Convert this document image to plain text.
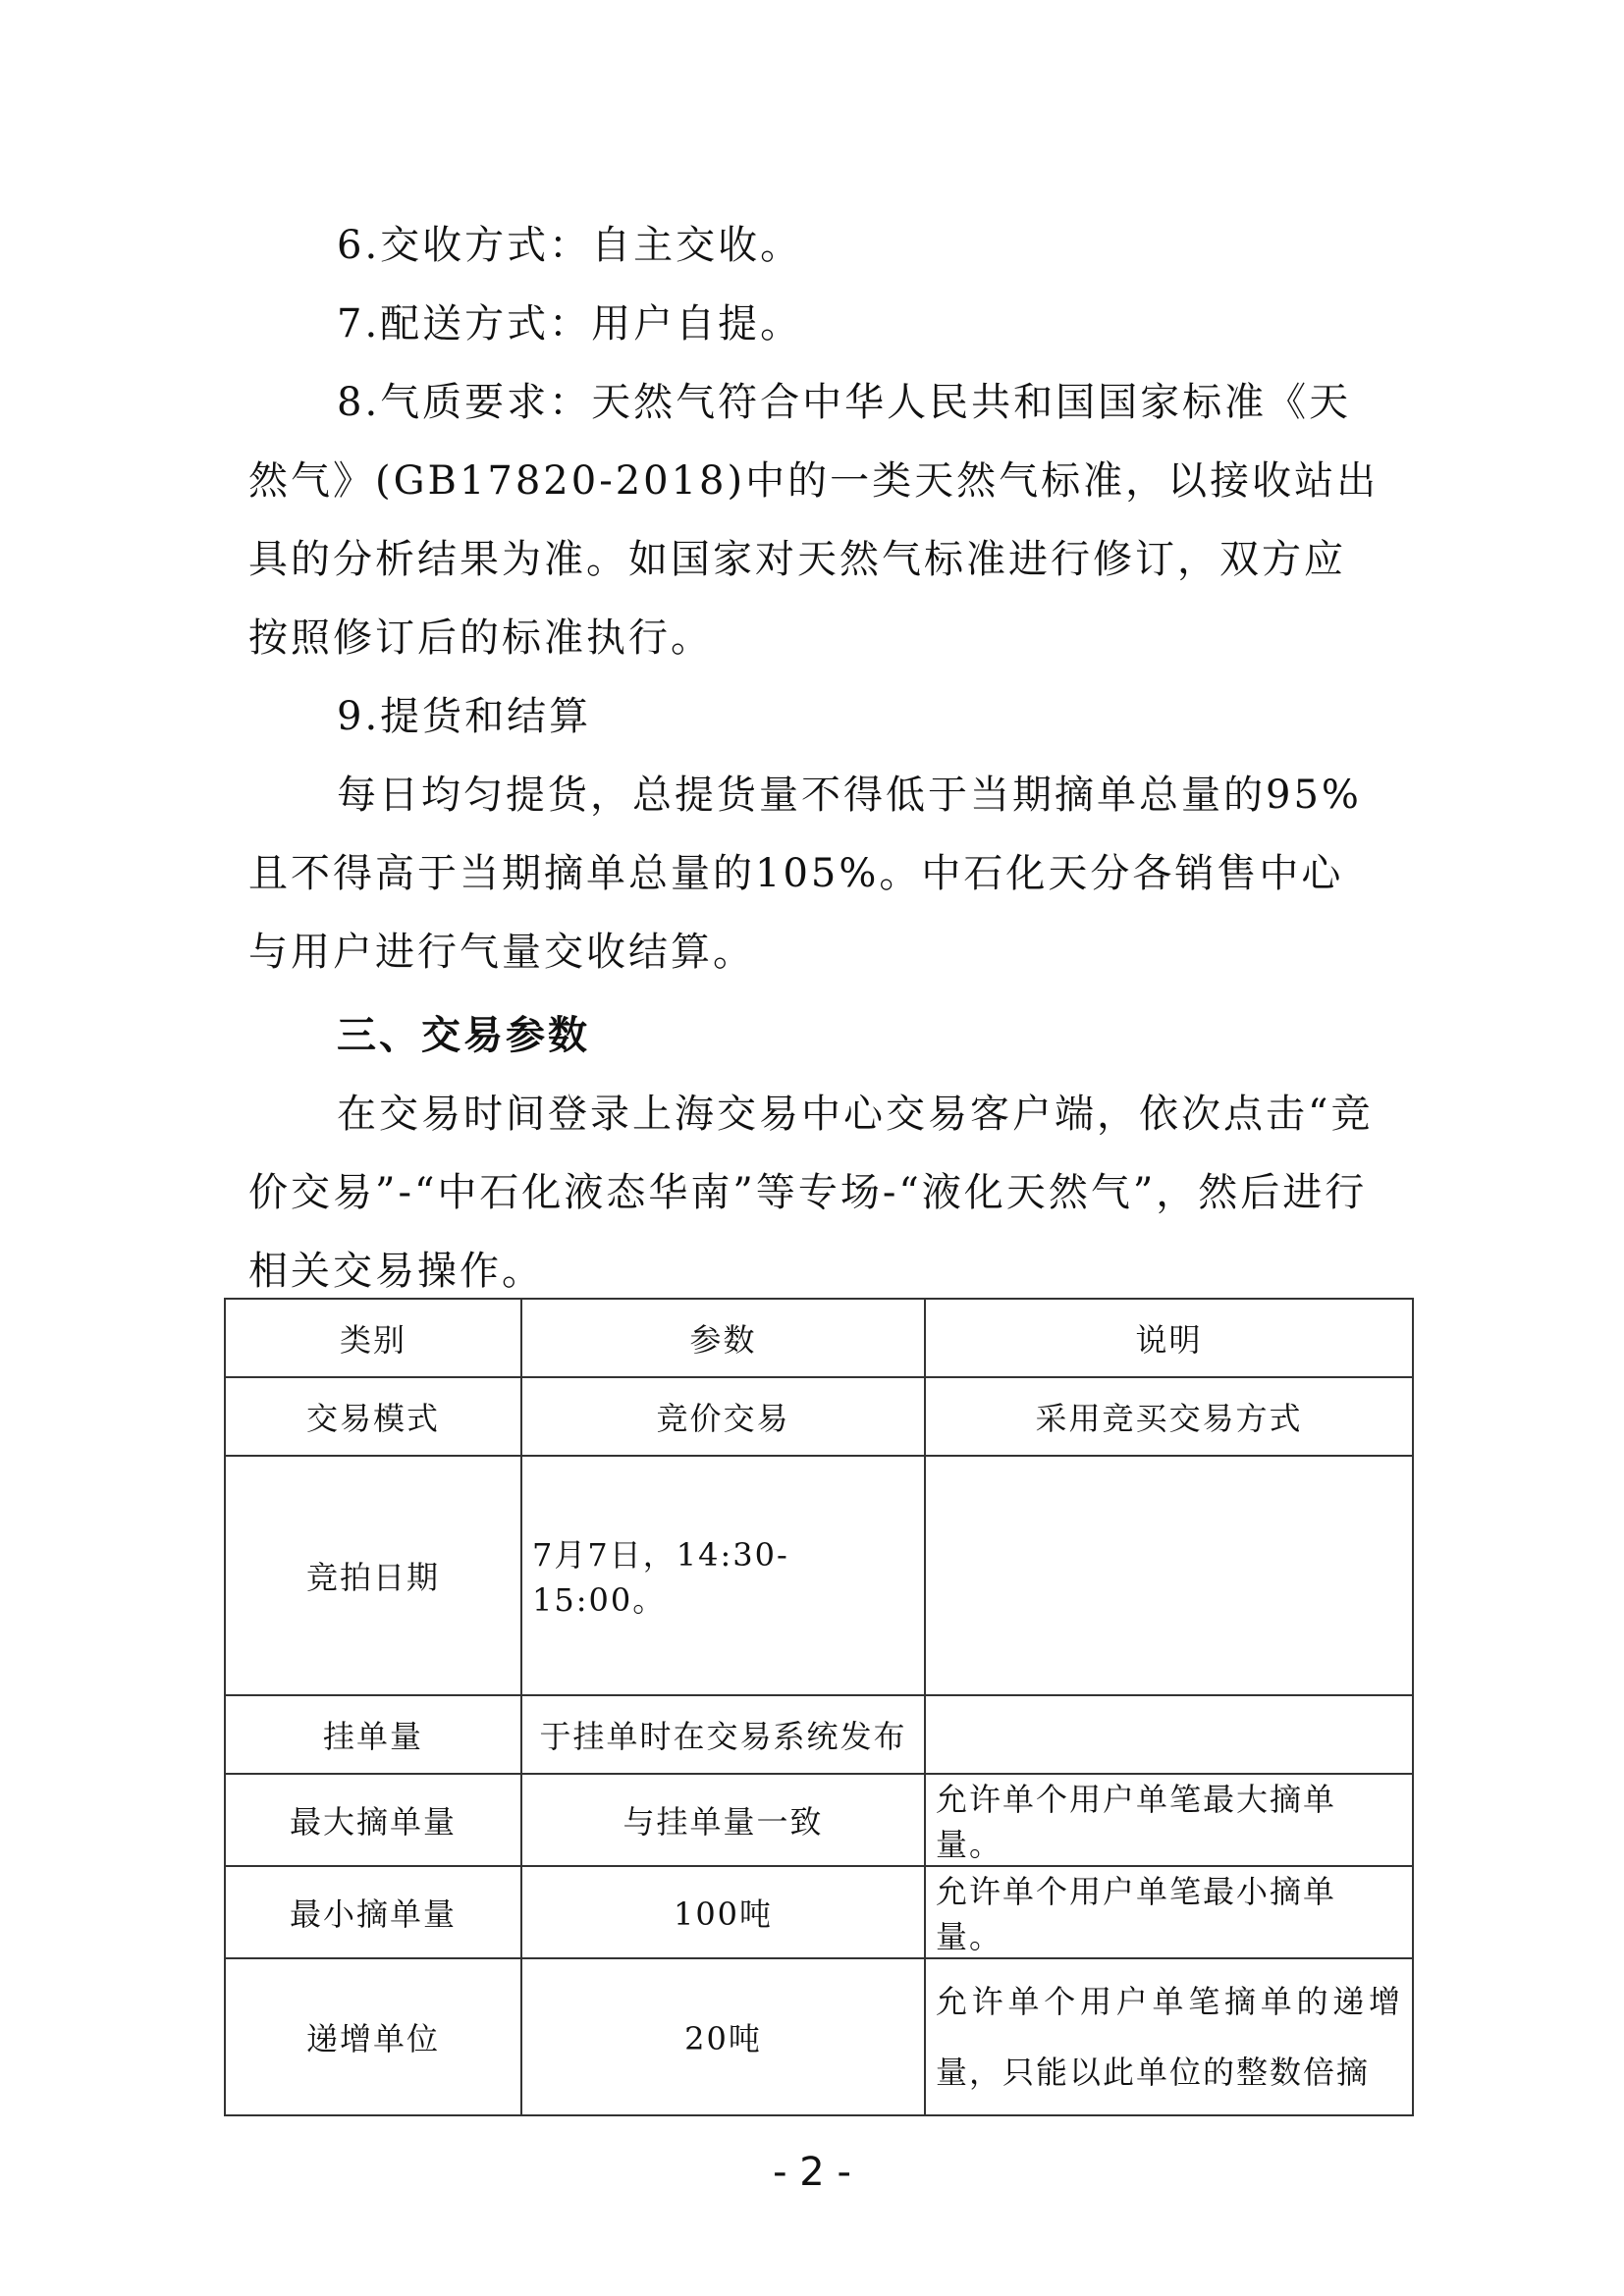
6.交收方式：自主交收。

7.配送方式：用户自提。

8.气质要求：天然气符合中华人民共和国国家标准《天然气》(GB17820-2018)中的一类天然气标准，以接收站出具的分析结果为准。如国家对天然气标准进行修订，双方应按照修订后的标准执行。

9.提货和结算

每日均匀提货，总提货量不得低于当期摘单总量的95%且不得高于当期摘单总量的105%。中石化天分各销售中心与用户进行气量交收结算。

三、交易参数

在交易时间登录上海交易中心交易客户端，依次点击“竞价交易”-“中石化液态华南”等专场-“液化天然气”，然后进行相关交易操作。

类别	参数	说明
交易模式	竞价交易	采用竞买交易方式
竞拍日期	7月7日，14:30-15:00。	
挂单量	于挂单时在交易系统发布	
最大摘单量	与挂单量一致	允许单个用户单笔最大摘单量。
最小摘单量	100吨	允许单个用户单笔最小摘单量。
递增单位	20吨	允许单个用户单笔摘单的递增量，只能以此单位的整数倍摘
- 2 -
